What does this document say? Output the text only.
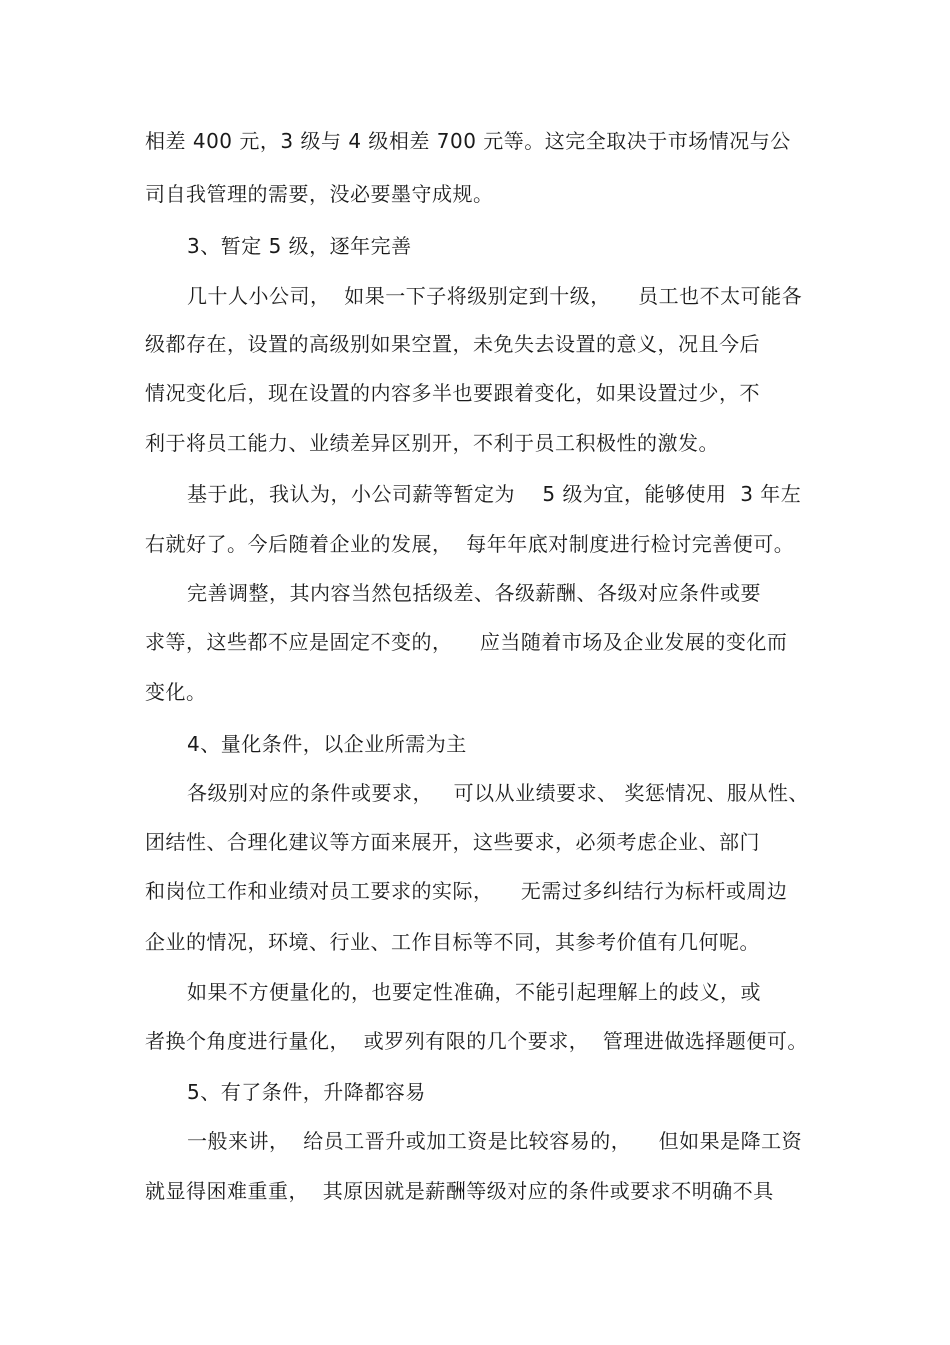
相差 400 元，3 级与 4 级相差 700 元等。这完全取决于市场情况与公
司自我管理的需要，没必要墨守成规。
3、暂定 5 级，逐年完善
几十人小公司，  如果一下子将级别定到十级，    员工也不太可能各
级都存在，设置的高级别如果空置，未免失去设置的意义，况且今后
情况变化后，现在设置的内容多半也要跟着变化，如果设置过少，不
利于将员工能力、业绩差异区别开，不利于员工积极性的激发。
基于此，我认为，小公司薪等暂定为    5 级为宜，能够使用  3 年左
右就好了。今后随着企业的发展，  每年年底对制度进行检讨完善便可。
完善调整，其内容当然包括级差、各级薪酬、各级对应条件或要
求等，这些都不应是固定不变的，    应当随着市场及企业发展的变化而
变化。
4、量化条件，以企业所需为主
各级别对应的条件或要求，   可以从业绩要求、 奖惩情况、服从性、
团结性、合理化建议等方面来展开，这些要求，必须考虑企业、部门
和岗位工作和业绩对员工要求的实际，    无需过多纠结行为标杆或周边
企业的情况，环境、行业、工作目标等不同，其参考价值有几何呢。
如果不方便量化的，也要定性准确，不能引起理解上的歧义，或
者换个角度进行量化，  或罗列有限的几个要求，  管理进做选择题便可。
5、有了条件，升降都容易
一般来讲，  给员工晋升或加工资是比较容易的，    但如果是降工资
就显得困难重重，  其原因就是薪酬等级对应的条件或要求不明确不具
